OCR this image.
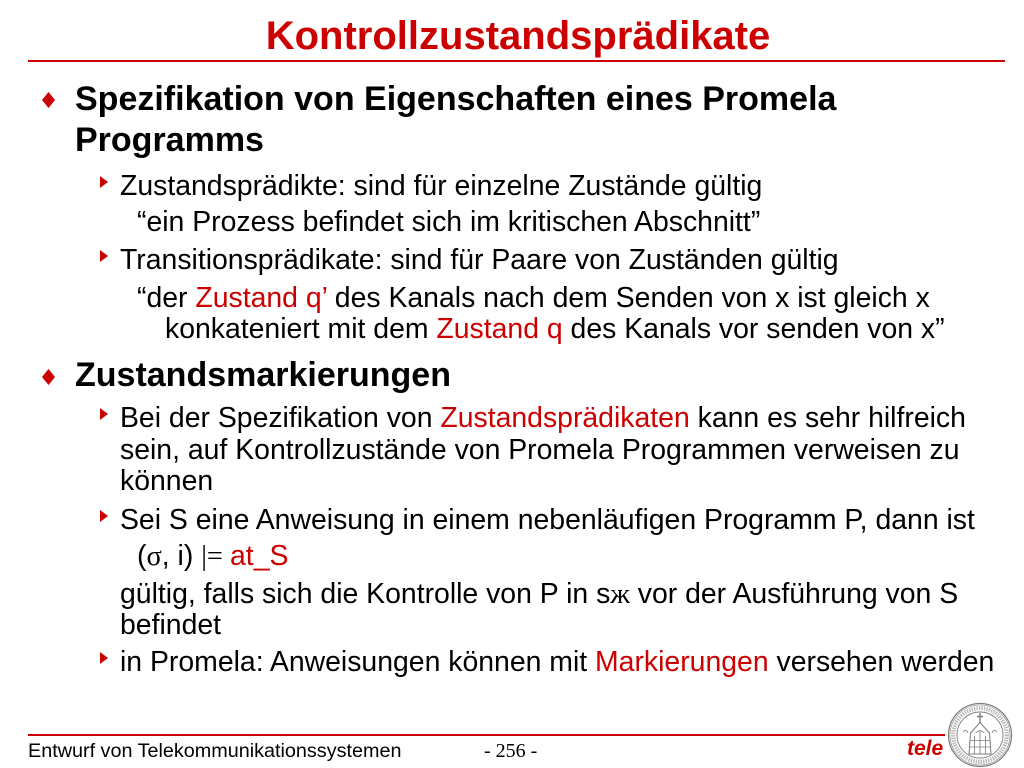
Kontrollzustandsprädikate
Spezifikation von Eigenschaften eines Promela
Programms
Zustandsprädikte: sind für einzelne Zustände gültig
“ein Prozess befindet sich im kritischen Abschnitt”
Transitionsprädikate: sind für Paare von Zuständen gültig
“der Zustand q’ des Kanals nach dem Senden von x ist gleich x
konkateniert mit dem Zustand q des Kanals vor senden von x”
Zustandsmarkierungen
Bei der Spezifikation von Zustandsprädikaten kann es sehr hilfreich
sein, auf Kontrollzustände von Promela Programmen verweisen zu
können
Sei S eine Anweisung in einem nebenläufigen Programm P, dann ist
(σ, i) |= at_S
gültig, falls sich die Kontrolle von P in sж vor der Ausführung von S
befindet
in Promela: Anweisungen können mit Markierungen versehen werden
Entwurf von Telekommunikationssystemen	- 256 -	tele
